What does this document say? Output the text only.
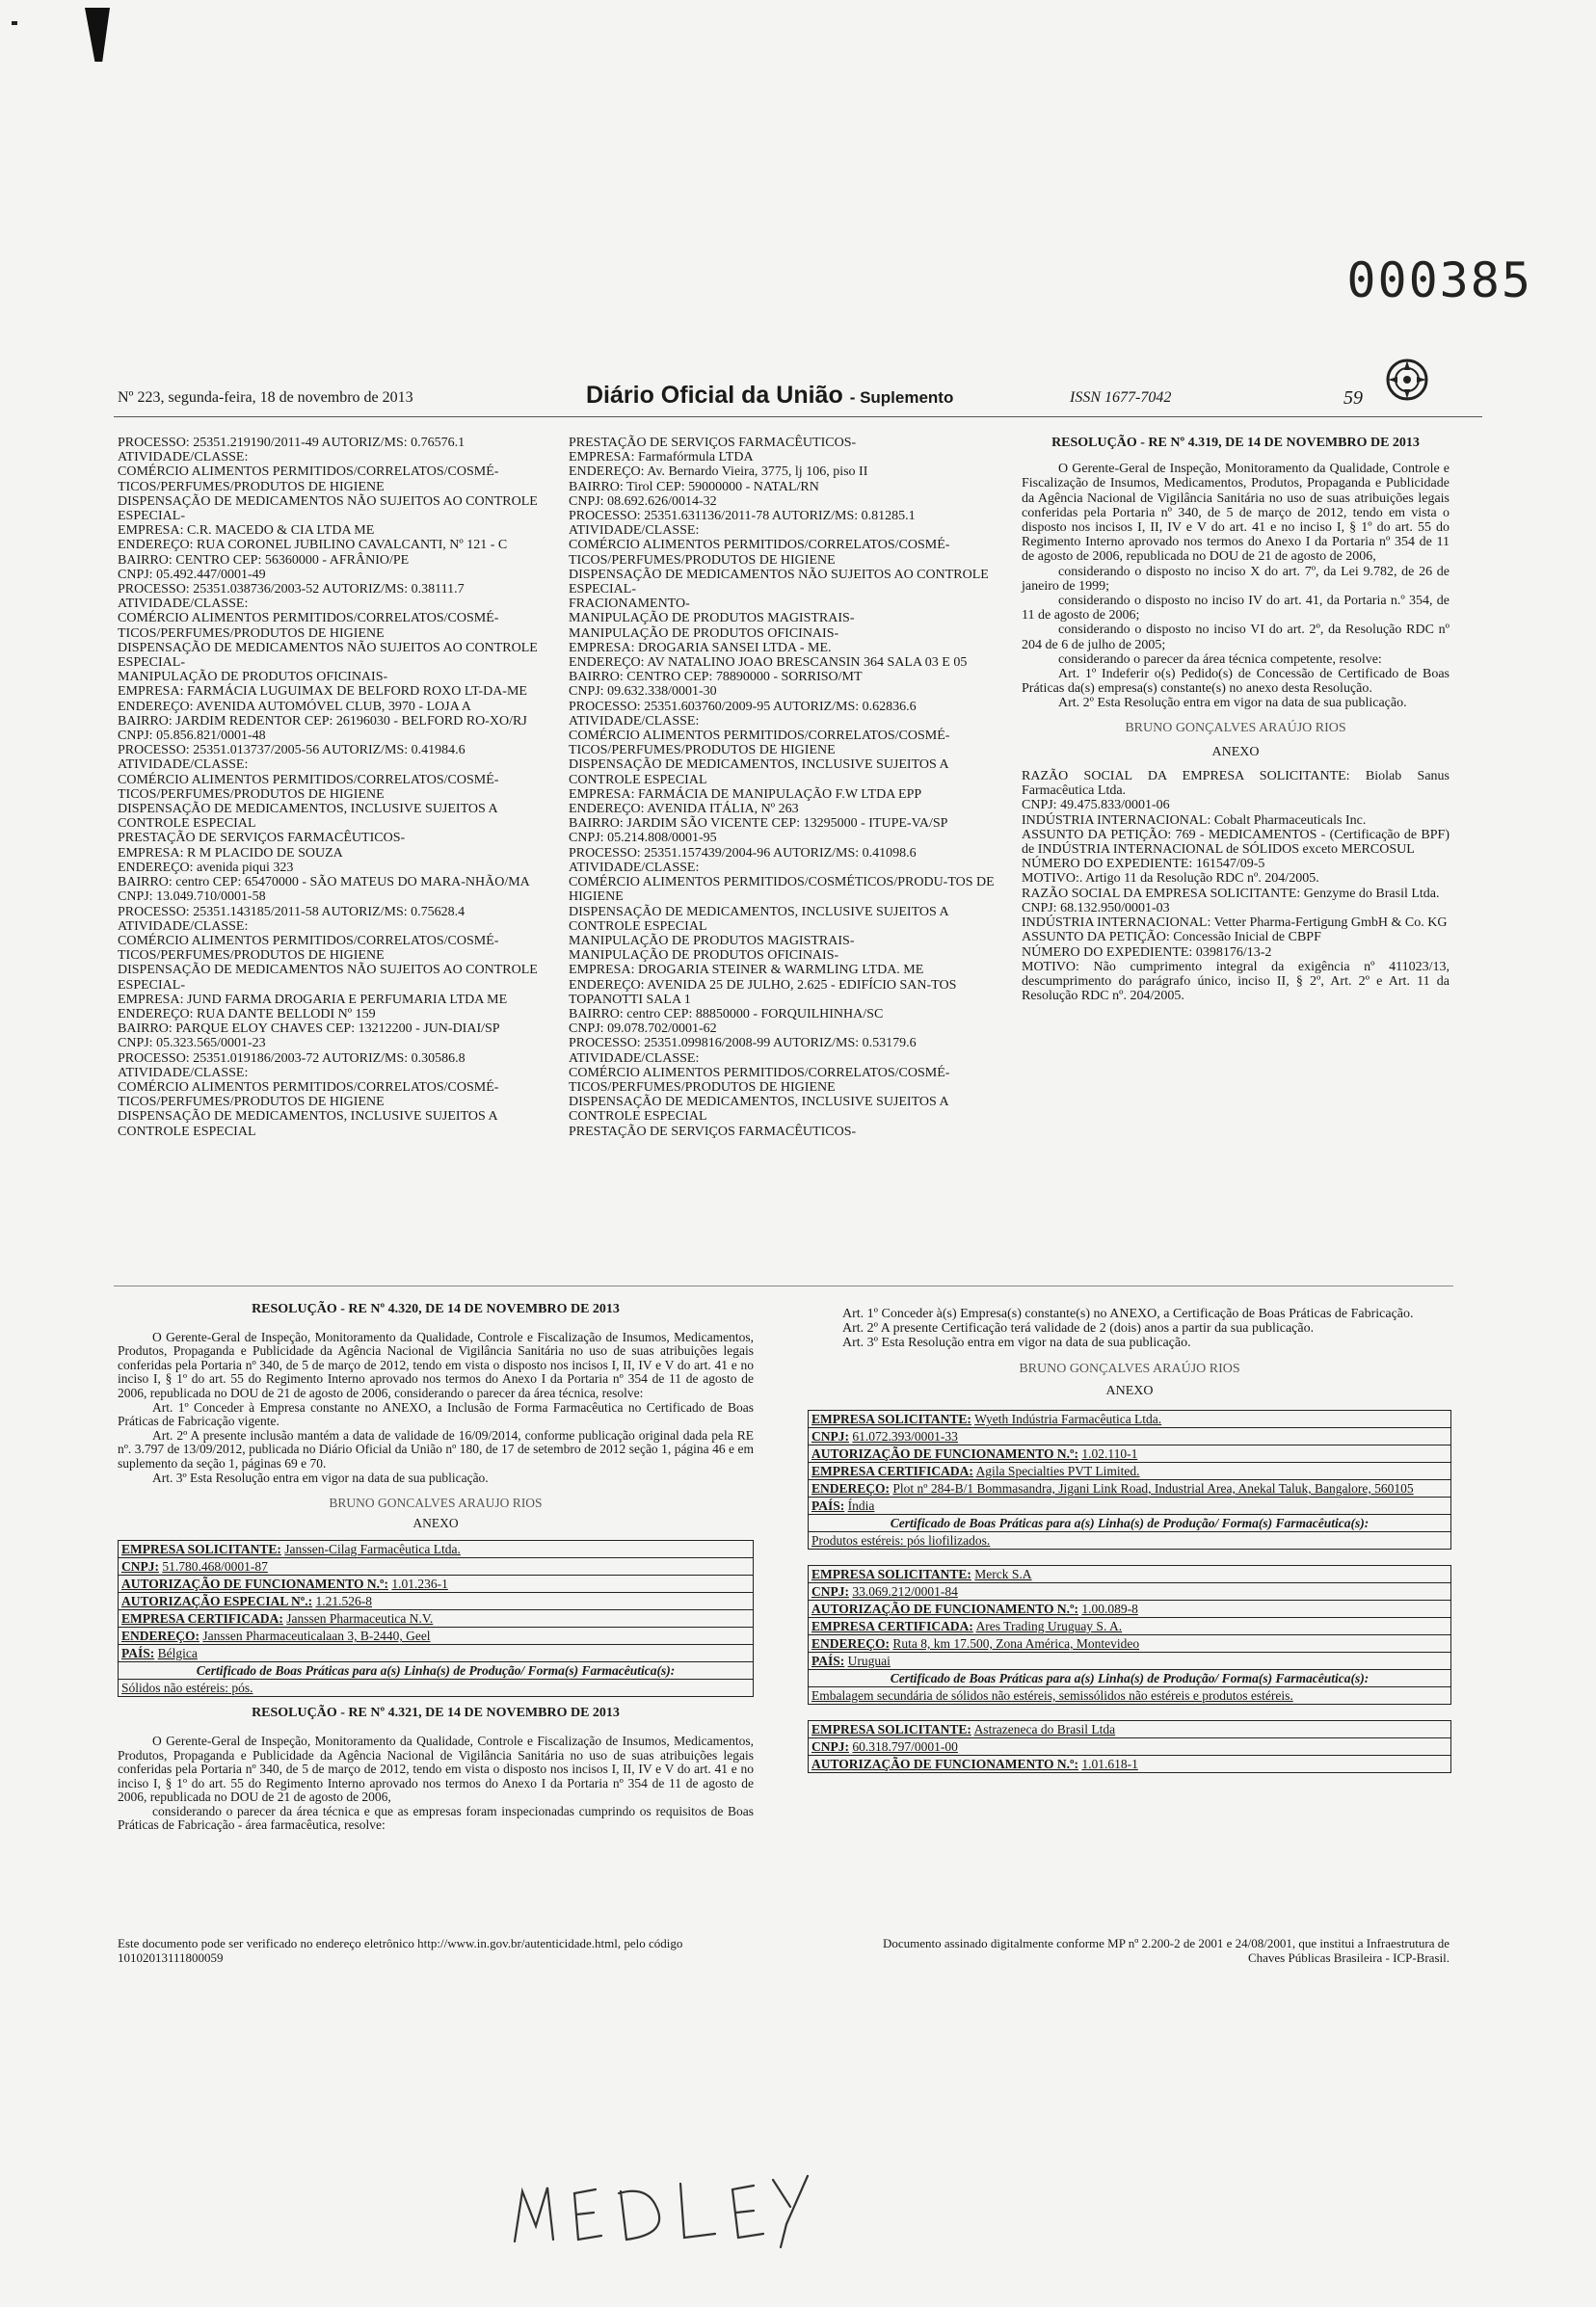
000385
Nº 223, segunda-feira, 18 de novembro de 2013	Diário Oficial da União - Suplemento	ISSN 1677-7042	59

PROCESSO: 25351.219190/2011-49 AUTORIZ/MS: 0.76576.1

ATIVIDADE/CLASSE:

COMÉRCIO ALIMENTOS PERMITIDOS/CORRELATOS/COSMÉ-TICOS/PERFUMES/PRODUTOS DE HIGIENE

DISPENSAÇÃO DE MEDICAMENTOS NÃO SUJEITOS AO CONTROLE ESPECIAL-

EMPRESA: C.R. MACEDO & CIA LTDA ME

ENDEREÇO: RUA CORONEL JUBILINO CAVALCANTI, Nº 121 - C

BAIRRO: CENTRO CEP: 56360000 - AFRÂNIO/PE

CNPJ: 05.492.447/0001-49

PROCESSO: 25351.038736/2003-52 AUTORIZ/MS: 0.38111.7

ATIVIDADE/CLASSE:

COMÉRCIO ALIMENTOS PERMITIDOS/CORRELATOS/COSMÉ-TICOS/PERFUMES/PRODUTOS DE HIGIENE

DISPENSAÇÃO DE MEDICAMENTOS NÃO SUJEITOS AO CONTROLE ESPECIAL-

MANIPULAÇÃO DE PRODUTOS OFICINAIS-

EMPRESA: FARMÁCIA LUGUIMAX DE BELFORD ROXO LT-DA-ME

ENDEREÇO: AVENIDA AUTOMÓVEL CLUB, 3970 - LOJA A

BAIRRO: JARDIM REDENTOR CEP: 26196030 - BELFORD RO-XO/RJ

CNPJ: 05.856.821/0001-48

PROCESSO: 25351.013737/2005-56 AUTORIZ/MS: 0.41984.6

ATIVIDADE/CLASSE:

COMÉRCIO ALIMENTOS PERMITIDOS/CORRELATOS/COSMÉ-TICOS/PERFUMES/PRODUTOS DE HIGIENE

DISPENSAÇÃO DE MEDICAMENTOS, INCLUSIVE SUJEITOS A CONTROLE ESPECIAL

PRESTAÇÃO DE SERVIÇOS FARMACÊUTICOS-

EMPRESA: R M PLACIDO DE SOUZA

ENDEREÇO: avenida piqui 323

BAIRRO: centro CEP: 65470000 - SÃO MATEUS DO MARA-NHÃO/MA

CNPJ: 13.049.710/0001-58

PROCESSO: 25351.143185/2011-58 AUTORIZ/MS: 0.75628.4

ATIVIDADE/CLASSE:

COMÉRCIO ALIMENTOS PERMITIDOS/CORRELATOS/COSMÉ-TICOS/PERFUMES/PRODUTOS DE HIGIENE

DISPENSAÇÃO DE MEDICAMENTOS NÃO SUJEITOS AO CONTROLE ESPECIAL-

EMPRESA: JUND FARMA DROGARIA E PERFUMARIA LTDA ME

ENDEREÇO: RUA DANTE BELLODI Nº 159

BAIRRO: PARQUE ELOY CHAVES CEP: 13212200 - JUN-DIAI/SP

CNPJ: 05.323.565/0001-23

PROCESSO: 25351.019186/2003-72 AUTORIZ/MS: 0.30586.8

ATIVIDADE/CLASSE:

COMÉRCIO ALIMENTOS PERMITIDOS/CORRELATOS/COSMÉ-TICOS/PERFUMES/PRODUTOS DE HIGIENE

DISPENSAÇÃO DE MEDICAMENTOS, INCLUSIVE SUJEITOS A CONTROLE ESPECIAL

PRESTAÇÃO DE SERVIÇOS FARMACÊUTICOS-

EMPRESA: Farmafórmula LTDA

ENDEREÇO: Av. Bernardo Vieira, 3775, lj 106, piso II

BAIRRO: Tirol CEP: 59000000 - NATAL/RN

CNPJ: 08.692.626/0014-32

PROCESSO: 25351.631136/2011-78 AUTORIZ/MS: 0.81285.1

ATIVIDADE/CLASSE:

COMÉRCIO ALIMENTOS PERMITIDOS/CORRELATOS/COSMÉ-TICOS/PERFUMES/PRODUTOS DE HIGIENE

DISPENSAÇÃO DE MEDICAMENTOS NÃO SUJEITOS AO CONTROLE ESPECIAL-

FRACIONAMENTO-

MANIPULAÇÃO DE PRODUTOS MAGISTRAIS-

MANIPULAÇÃO DE PRODUTOS OFICINAIS-

EMPRESA: DROGARIA SANSEI LTDA - ME.

ENDEREÇO: AV NATALINO JOAO BRESCANSIN 364 SALA 03 E 05

BAIRRO: CENTRO CEP: 78890000 - SORRISO/MT

CNPJ: 09.632.338/0001-30

PROCESSO: 25351.603760/2009-95 AUTORIZ/MS: 0.62836.6

ATIVIDADE/CLASSE:

COMÉRCIO ALIMENTOS PERMITIDOS/CORRELATOS/COSMÉ-TICOS/PERFUMES/PRODUTOS DE HIGIENE

DISPENSAÇÃO DE MEDICAMENTOS, INCLUSIVE SUJEITOS A CONTROLE ESPECIAL

EMPRESA: FARMÁCIA DE MANIPULAÇÃO F.W LTDA EPP

ENDEREÇO: AVENIDA ITÁLIA, Nº 263

BAIRRO: JARDIM SÃO VICENTE CEP: 13295000 - ITUPE-VA/SP

CNPJ: 05.214.808/0001-95

PROCESSO: 25351.157439/2004-96 AUTORIZ/MS: 0.41098.6

ATIVIDADE/CLASSE:

COMÉRCIO ALIMENTOS PERMITIDOS/COSMÉTICOS/PRODU-TOS DE HIGIENE

DISPENSAÇÃO DE MEDICAMENTOS, INCLUSIVE SUJEITOS A CONTROLE ESPECIAL

MANIPULAÇÃO DE PRODUTOS MAGISTRAIS-

MANIPULAÇÃO DE PRODUTOS OFICINAIS-

EMPRESA: DROGARIA STEINER & WARMLING LTDA. ME

ENDEREÇO: AVENIDA 25 DE JULHO, 2.625 - EDIFÍCIO SAN-TOS TOPANOTTI SALA 1

BAIRRO: centro CEP: 88850000 - FORQUILHINHA/SC

CNPJ: 09.078.702/0001-62

PROCESSO: 25351.099816/2008-99 AUTORIZ/MS: 0.53179.6

ATIVIDADE/CLASSE:

COMÉRCIO ALIMENTOS PERMITIDOS/CORRELATOS/COSMÉ-TICOS/PERFUMES/PRODUTOS DE HIGIENE

DISPENSAÇÃO DE MEDICAMENTOS, INCLUSIVE SUJEITOS A CONTROLE ESPECIAL

PRESTAÇÃO DE SERVIÇOS FARMACÊUTICOS-

RESOLUÇÃO - RE Nº 4.319, DE 14 DE NOVEMBRO DE 2013

O Gerente-Geral de Inspeção, Monitoramento da Qualidade, Controle e Fiscalização de Insumos, Medicamentos, Produtos, Propaganda e Publicidade da Agência Nacional de Vigilância Sanitária no uso de suas atribuições legais conferidas pela Portaria nº 340, de 5 de março de 2012, tendo em vista o disposto nos incisos I, II, IV e V do art. 41 e no inciso I, § 1º do art. 55 do Regimento Interno aprovado nos termos do Anexo I da Portaria nº 354 de 11 de agosto de 2006, republicada no DOU de 21 de agosto de 2006,

considerando o disposto no inciso X do art. 7º, da Lei 9.782, de 26 de janeiro de 1999;

considerando o disposto no inciso IV do art. 41, da Portaria n.º 354, de 11 de agosto de 2006;

considerando o disposto no inciso VI do art. 2º, da Resolução RDC nº 204 de 6 de julho de 2005;

considerando o parecer da área técnica competente, resolve:

Art. 1º Indeferir o(s) Pedido(s) de Concessão de Certificado de Boas Práticas da(s) empresa(s) constante(s) no anexo desta Resolução.

Art. 2º Esta Resolução entra em vigor na data de sua publicação.

BRUNO GONÇALVES ARAÚJO RIOS

ANEXO

RAZÃO SOCIAL DA EMPRESA SOLICITANTE: Biolab Sanus Farmacêutica Ltda.

CNPJ: 49.475.833/0001-06

INDÚSTRIA INTERNACIONAL: Cobalt Pharmaceuticals Inc.

ASSUNTO DA PETIÇÃO: 769 - MEDICAMENTOS - (Certificação de BPF) de INDÚSTRIA INTERNACIONAL de SÓLIDOS exceto MERCOSUL

NÚMERO DO EXPEDIENTE: 161547/09-5

MOTIVO:. Artigo 11 da Resolução RDC nº. 204/2005.

RAZÃO SOCIAL DA EMPRESA SOLICITANTE: Genzyme do Brasil Ltda.

CNPJ: 68.132.950/0001-03

INDÚSTRIA INTERNACIONAL: Vetter Pharma-Fertigung GmbH & Co. KG

ASSUNTO DA PETIÇÃO: Concessão Inicial de CBPF

NÚMERO DO EXPEDIENTE: 0398176/13-2

MOTIVO: Não cumprimento integral da exigência nº 411023/13, descumprimento do parágrafo único, inciso II, § 2º, Art. 2º e Art. 11 da Resolução RDC nº. 204/2005.

RESOLUÇÃO - RE Nº 4.320, DE 14 DE NOVEMBRO DE 2013

O Gerente-Geral de Inspeção, Monitoramento da Qualidade, Controle e Fiscalização de Insumos, Medicamentos, Produtos, Propaganda e Publicidade da Agência Nacional de Vigilância Sanitária no uso de suas atribuições legais conferidas pela Portaria nº 340, de 5 de março de 2012, tendo em vista o disposto nos incisos I, II, IV e V do art. 41 e no inciso I, § 1º do art. 55 do Regimento Interno aprovado nos termos do Anexo I da Portaria nº 354 de 11 de agosto de 2006, republicada no DOU de 21 de agosto de 2006, considerando o parecer da área técnica, resolve:

Art. 1º Conceder à Empresa constante no ANEXO, a Inclusão de Forma Farmacêutica no Certificado de Boas Práticas de Fabricação vigente.

Art. 2º A presente inclusão mantém a data de validade de 16/09/2014, conforme publicação original dada pela RE nº. 3.797 de 13/09/2012, publicada no Diário Oficial da União nº 180, de 17 de setembro de 2012 seção 1, página 46 e em suplemento da seção 1, páginas 69 e 70.

Art. 3º Esta Resolução entra em vigor na data de sua publicação.

BRUNO GONCALVES ARAUJO RIOS

ANEXO

EMPRESA SOLICITANTE: Janssen-Cilag Farmacêutica Ltda.
CNPJ: 51.780.468/0001-87
AUTORIZAÇÃO DE FUNCIONAMENTO N.º: 1.01.236-1
AUTORIZAÇÃO ESPECIAL Nº.: 1.21.526-8
EMPRESA CERTIFICADA: Janssen Pharmaceutica N.V.
ENDEREÇO: Janssen Pharmaceuticalaan 3, B-2440, Geel
PAÍS: Bélgica
Certificado de Boas Práticas para a(s) Linha(s) de Produção/ Forma(s) Farmacêutica(s):
Sólidos não estéreis: pós.

RESOLUÇÃO - RE Nº 4.321, DE 14 DE NOVEMBRO DE 2013

O Gerente-Geral de Inspeção, Monitoramento da Qualidade, Controle e Fiscalização de Insumos, Medicamentos, Produtos, Propaganda e Publicidade da Agência Nacional de Vigilância Sanitária no uso de suas atribuições legais conferidas pela Portaria nº 340, de 5 de março de 2012, tendo em vista o disposto nos incisos I, II, IV e V do art. 41 e no inciso I, § 1º do art. 55 do Regimento Interno aprovado nos termos do Anexo I da Portaria nº 354 de 11 de agosto de 2006, republicada no DOU de 21 de agosto de 2006,

considerando o parecer da área técnica e que as empresas foram inspecionadas cumprindo os requisitos de Boas Práticas de Fabricação - área farmacêutica, resolve:

Art. 1º Conceder à(s) Empresa(s) constante(s) no ANEXO, a Certificação de Boas Práticas de Fabricação.

Art. 2º A presente Certificação terá validade de 2 (dois) anos a partir da sua publicação.

Art. 3º Esta Resolução entra em vigor na data de sua publicação.

BRUNO GONÇALVES ARAÚJO RIOS

ANEXO

EMPRESA SOLICITANTE: Wyeth Indústria Farmacêutica Ltda.
CNPJ: 61.072.393/0001-33
AUTORIZAÇÃO DE FUNCIONAMENTO N.º: 1.02.110-1
EMPRESA CERTIFICADA: Agila Specialties PVT Limited.
ENDEREÇO: Plot nº 284-B/1 Bommasandra, Jigani Link Road, Industrial Area, Anekal Taluk, Bangalore, 560105
PAÍS: Índia
Certificado de Boas Práticas para a(s) Linha(s) de Produção/ Forma(s) Farmacêutica(s):
Produtos estéreis: pós liofilizados.
EMPRESA SOLICITANTE: Merck S.A
CNPJ: 33.069.212/0001-84
AUTORIZAÇÃO DE FUNCIONAMENTO N.º: 1.00.089-8
EMPRESA CERTIFICADA: Ares Trading Uruguay S. A.
ENDEREÇO: Ruta 8, km 17.500, Zona América, Montevideo
PAÍS: Uruguai
Certificado de Boas Práticas para a(s) Linha(s) de Produção/ Forma(s) Farmacêutica(s):
Embalagem secundária de sólidos não estéreis, semissólidos não estéreis e produtos estéreis.
EMPRESA SOLICITANTE: Astrazeneca do Brasil Ltda
CNPJ: 60.318.797/0001-00
AUTORIZAÇÃO DE FUNCIONAMENTO N.º: 1.01.618-1
Este documento pode ser verificado no endereço eletrônico http://www.in.gov.br/autenticidade.html, pelo código 10102013111800059
Documento assinado digitalmente conforme MP nº 2.200-2 de 2001 e 24/08/2001, que institui a Infraestrutura de Chaves Públicas Brasileira - ICP-Brasil.
